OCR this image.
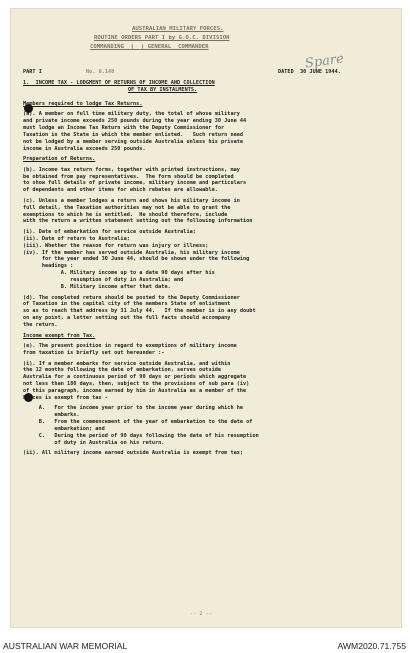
AUSTRALIAN MILITARY FORCES.
ROUTINE ORDERS PART I by G.O.C. DIVISION
COMMANDING  (  ) GENERAL  COMMANDER
Spare
PART I	No. 6.148	DATED  30 JUNE 1944.
1.  INCOME TAX - LODGMENT OF RETURNS OF INCOME AND COLLECTION
OF TAX BY INSTALMENTS.
-- 2 --
Members required to lodge Tax Returns.
(a). A member on full time military duty, the total of whose military
and private income exceeds 250 pounds during the year ending 30 June 44
must lodge an Income Tax Return with the Deputy Commissioner for
Taxation in the State in which the member enlisted.   Such return need
not be lodged by a member serving outside Australia unless his private
income in Australia exceeds 250 pounds.
Preparation of Returns.
(b). Income tax return forms, together with printed instructions, may
be obtained from pay representatives.  The form should be completed
to show full details of private income, military income and particulars
of dependants and other items for which rebates are allowable.
(c). Unless a member lodges a return and shows his military income in
full detail, the Taxation authorities may not be able to grant the
exemptions to which he is entitled.  He should therefore, include
with the return a written statement setting out the following information
(i). Date of embarkation for service outside Australia;
(ii). Date of return to Australia;
(iii). Whether the reason for return was injury or illness;
(iv). If the member has served outside Australia, his military income
for the year ended 30 June 44, should be shown under the following
headings :
A. Military income up to a date 90 days after his
resumption of duty in Australia; and
B. Military income after that date.
(d). The completed return should be posted to the Deputy Commissioner
of Taxation in the capital city of the members State of enlistment
so as to reach that address by 31 July 44.   If the member is in any doubt
on any point, a letter setting out the full facts should accompany
the return.
Income exempt from Tax.
(e). The present position in regard to exemptions of military income
from taxation is briefly set out hereunder :-
(i). If a member embarks for service outside Australia, and within
the 12 months following the date of embarkation, serves outside
Australia for a continuous period of 90 days or periods which aggregate
not less than 180 days, then, subject to the provisions of sub para (iv)
of this paragraph, income earned by him in Australia as a member of the
Forces is exempt from tax -
A.   For the income year prior to the income year during which he
embarks.
B.   From the commencement of the year of embarkation to the date of
embarkation; and
C.   During the period of 90 days following the date of his resumption
of duty in Australia on his return.
(ii). All military income earned outside Australia is exempt from tax;
AUSTRALIAN WAR MEMORIAL	AWM2020.71.755
